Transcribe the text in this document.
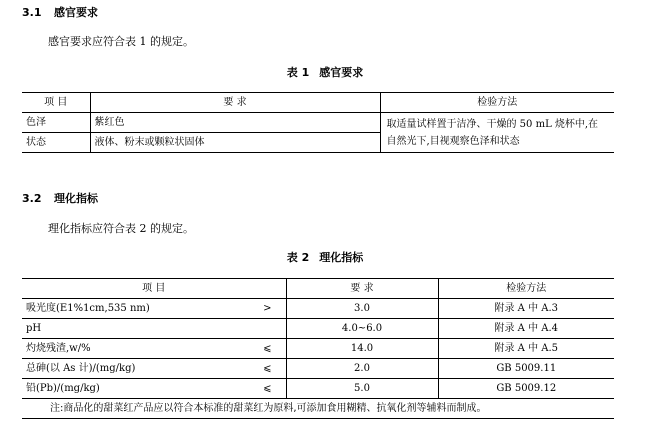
3.1 感官要求
感官要求应符合表 1 的规定。
表 1 感官要求
项 目	要 求	检验方法
色泽	紫红色	取适量试样置于洁净、干燥的 50 mL 烧杯中,在自然光下,目视观察色泽和状态
状态	液体、粉末或颗粒状固体	
3.2 理化指标
理化指标应符合表 2 的规定。
表 2 理化指标
项 目		要 求	检验方法
吸光度(E1%1cm,535 nm)	>	3.0	附录 A 中 A.3
pH		4.0~6.0	附录 A 中 A.4
灼烧残渣,w/%	⩽	14.0	附录 A 中 A.5
总砷(以 As 计)/(mg/kg)	⩽	2.0	GB 5009.11
铅(Pb)/(mg/kg)	⩽	5.0	GB 5009.12
注:商品化的甜菜红产品应以符合本标准的甜菜红为原料,可添加食用糊精、抗氧化剂等辅料而制成。			
